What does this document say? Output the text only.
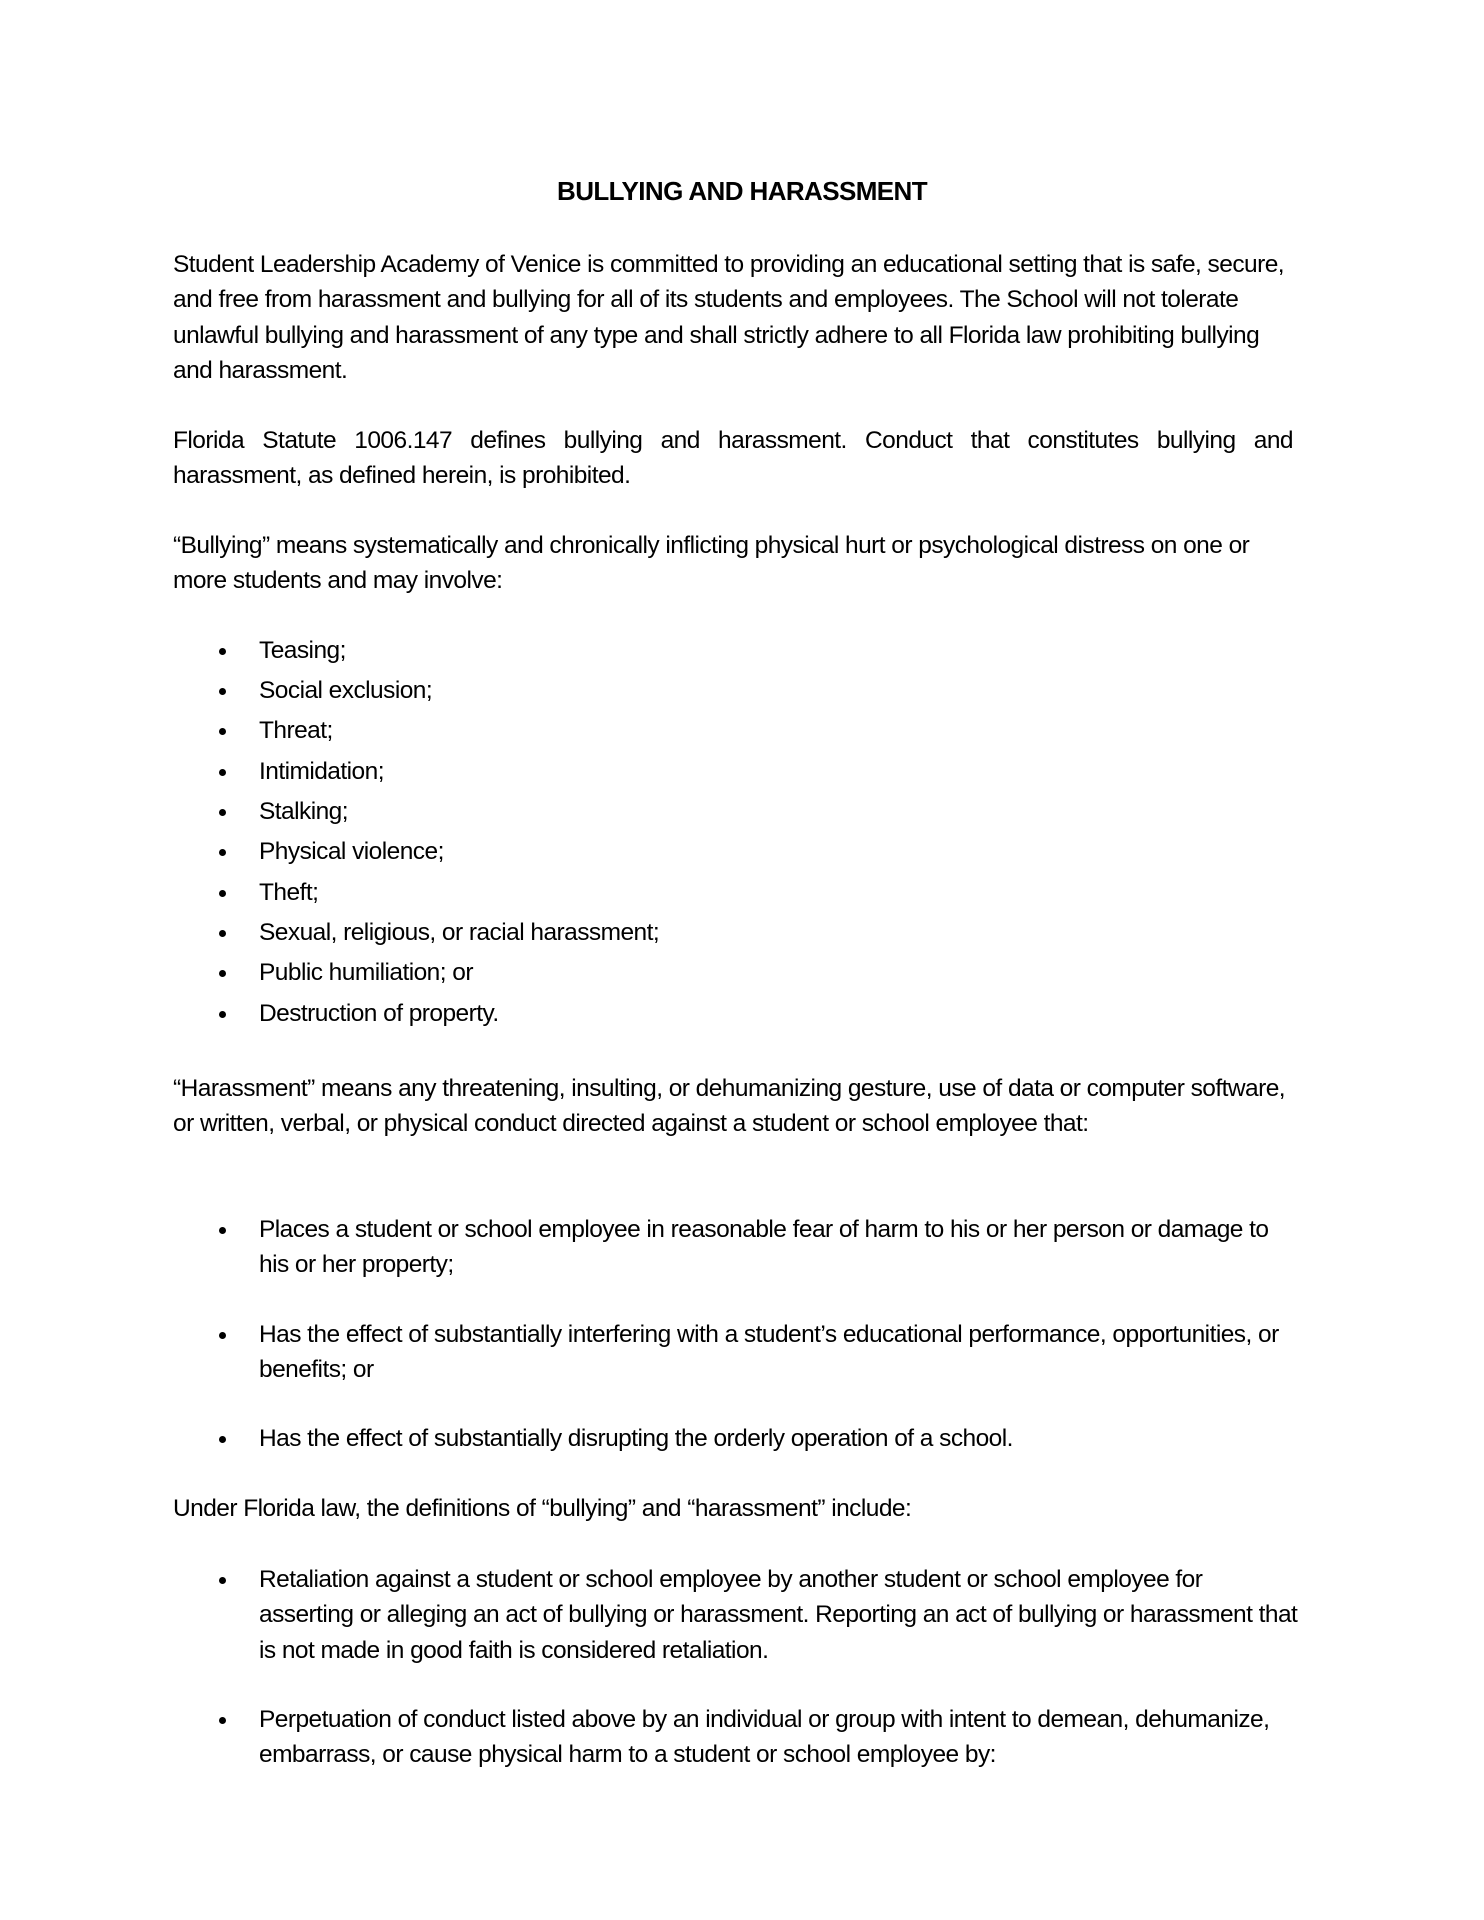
BULLYING AND HARASSMENT
Student Leadership Academy of Venice is committed to providing an educational setting that is safe, secure, and free from harassment and bullying for all of its students and employees. The School will not tolerate unlawful bullying and harassment of any type and shall strictly adhere to all Florida law prohibiting bullying and harassment.
Florida Statute 1006.147 defines bullying and harassment. Conduct that constitutes bullying and harassment, as defined herein, is prohibited.
“Bullying” means systematically and chronically inflicting physical hurt or psychological distress on one or more students and may involve:
Teasing;
Social exclusion;
Threat;
Intimidation;
Stalking;
Physical violence;
Theft;
Sexual, religious, or racial harassment;
Public humiliation; or
Destruction of property.
“Harassment” means any threatening, insulting, or dehumanizing gesture, use of data or computer software, or written, verbal, or physical conduct directed against a student or school employee that:
Places a student or school employee in reasonable fear of harm to his or her person or damage to his or her property;
Has the effect of substantially interfering with a student’s educational performance, opportunities, or benefits; or
Has the effect of substantially disrupting the orderly operation of a school.
Under Florida law, the definitions of “bullying” and “harassment” include:
Retaliation against a student or school employee by another student or school employee for asserting or alleging an act of bullying or harassment. Reporting an act of bullying or harassment that is not made in good faith is considered retaliation.
Perpetuation of conduct listed above by an individual or group with intent to demean, dehumanize, embarrass, or cause physical harm to a student or school employee by:
